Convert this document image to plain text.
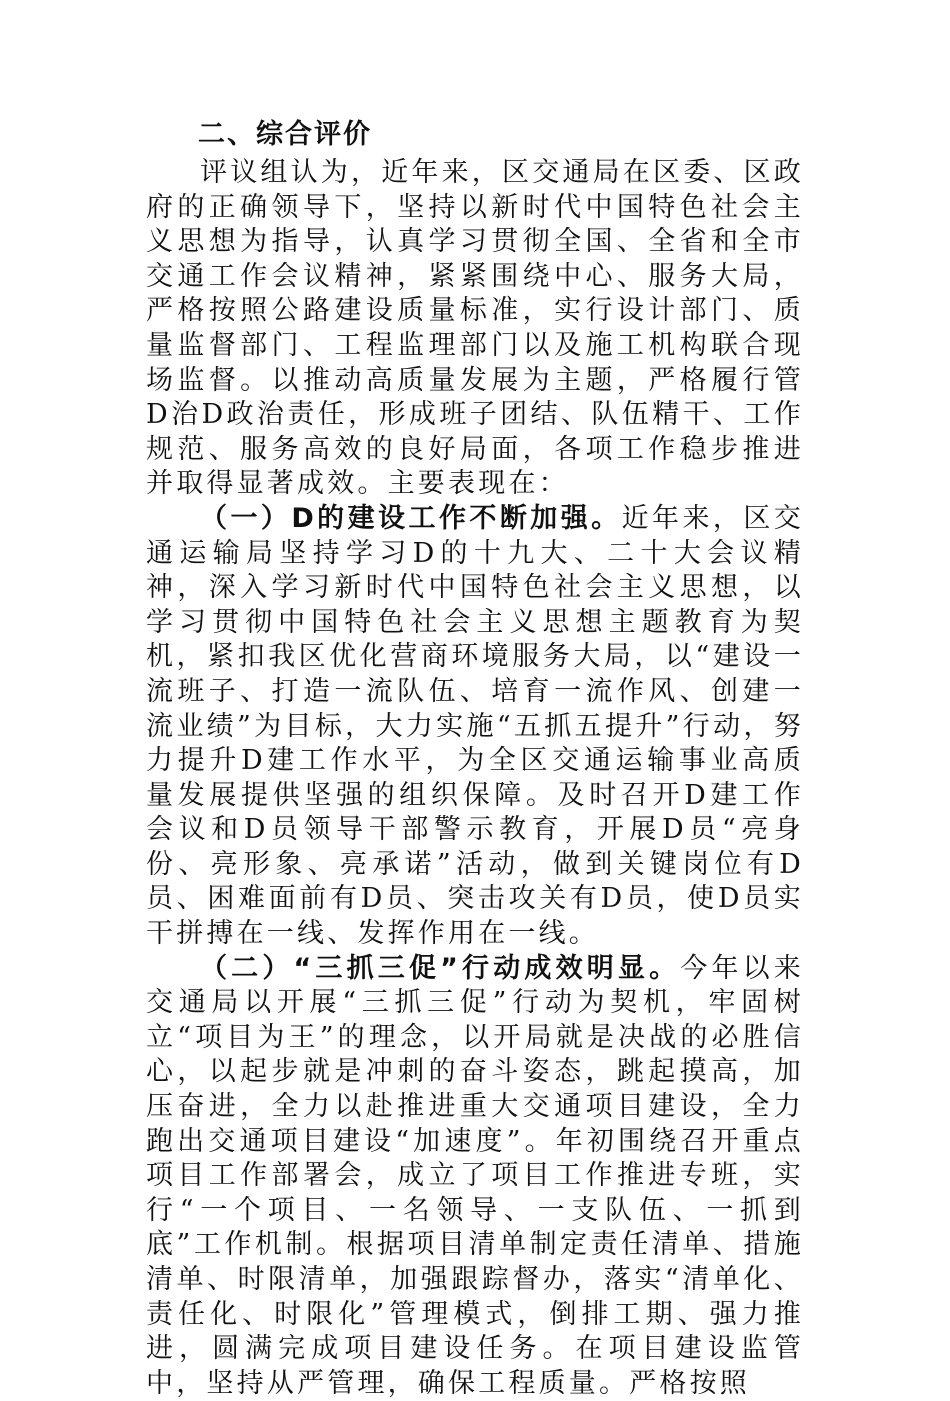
二、综合评价

评议组认为，近年来，区交通局在区委、区政府的正确领导下，坚持以新时代中国特色社会主义思想为指导，认真学习贯彻全国、全省和全市交通工作会议精神，紧紧围绕中心、服务大局，严格按照公路建设质量标准，实行设计部门、质量监督部门、工程监理部门以及施工机构联合现场监督。以推动高质量发展为主题，严格履行管D治D政治责任，形成班子团结、队伍精干、工作规范、服务高效的良好局面，各项工作稳步推进并取得显著成效。主要表现在：

（一）D的建设工作不断加强。近年来，区交通运输局坚持学习D的十九大、二十大会议精神，深入学习新时代中国特色社会主义思想，以学习贯彻中国特色社会主义思想主题教育为契机，紧扣我区优化营商环境服务大局，以“建设一流班子、打造一流队伍、培育一流作风、创建一流业绩”为目标，大力实施“五抓五提升”行动，努力提升D建工作水平，为全区交通运输事业高质量发展提供坚强的组织保障。及时召开D建工作会议和D员领导干部警示教育，开展D员“亮身份、亮形象、亮承诺”活动，做到关键岗位有D员、困难面前有D员、突击攻关有D员，使D员实干拼搏在一线、发挥作用在一线。

（二）“三抓三促”行动成效明显。今年以来交通局以开展“三抓三促”行动为契机，牢固树立“项目为王”的理念，以开局就是决战的必胜信心，以起步就是冲刺的奋斗姿态，跳起摸高，加压奋进，全力以赴推进重大交通项目建设，全力跑出交通项目建设“加速度”。年初围绕召开重点项目工作部署会，成立了项目工作推进专班，实行“一个项目、一名领导、一支队伍、一抓到底”工作机制。根据项目清单制定责任清单、措施清单、时限清单，加强跟踪督办，落实“清单化、责任化、时限化”管理模式，倒排工期、强力推进，圆满完成项目建设任务。在项目建设监管中，坚持从严管理，确保工程质量。严格按照
